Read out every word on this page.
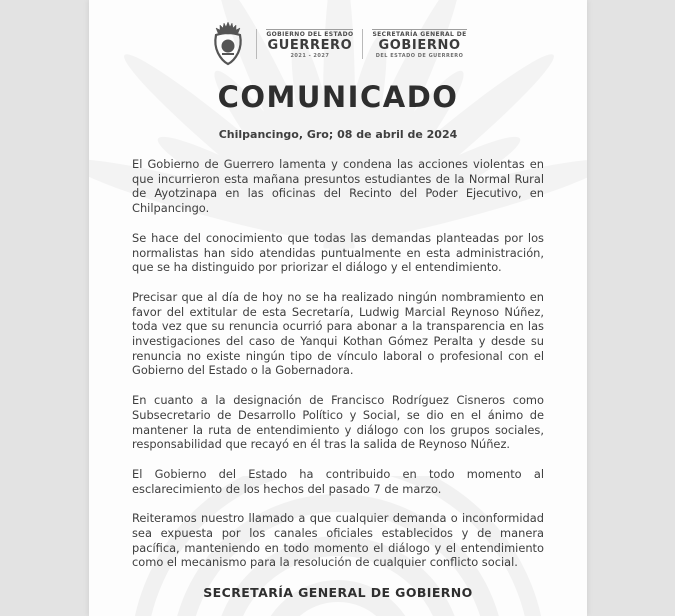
GOBIERNO DEL ESTADO
GUERRERO
2021 - 2027
SECRETARÍA GENERAL DE
GOBIERNO
DEL ESTADO DE GUERRERO
COMUNICADO

Chilpancingo, Gro; 08 de abril de 2024

El Gobierno de Guerrero lamenta y condena las acciones violentas en que incurrieron esta mañana presuntos estudiantes de la Normal Rural de Ayotzinapa en las oficinas del Recinto del Poder Ejecutivo, en Chilpancingo.

Se hace del conocimiento que todas las demandas planteadas por los normalistas han sido atendidas puntualmente en esta administración, que se ha distinguido por priorizar el diálogo y el entendimiento.

Precisar que al día de hoy no se ha realizado ningún nombramiento en favor del extitular de esta Secretaría, Ludwig Marcial Reynoso Núñez, toda vez que su renuncia ocurrió para abonar a la transparencia en las investigaciones del caso de Yanqui Kothan Gómez Peralta y desde su renuncia no existe ningún tipo de vínculo laboral o profesional con el Gobierno del Estado o la Gobernadora.

En cuanto a la designación de Francisco Rodríguez Cisneros como Subsecretario de Desarrollo Político y Social, se dio en el ánimo de mantener la ruta de entendimiento y diálogo con los grupos sociales, responsabilidad que recayó en él tras la salida de Reynoso Núñez.

El Gobierno del Estado ha contribuido en todo momento al esclarecimiento de los hechos del pasado 7 de marzo.

Reiteramos nuestro llamado a que cualquier demanda o inconformidad sea expuesta por los canales oficiales establecidos y de manera pacífica, manteniendo en todo momento el diálogo y el entendimiento como el mecanismo para la resolución de cualquier conflicto social.

SECRETARÍA GENERAL DE GOBIERNO
